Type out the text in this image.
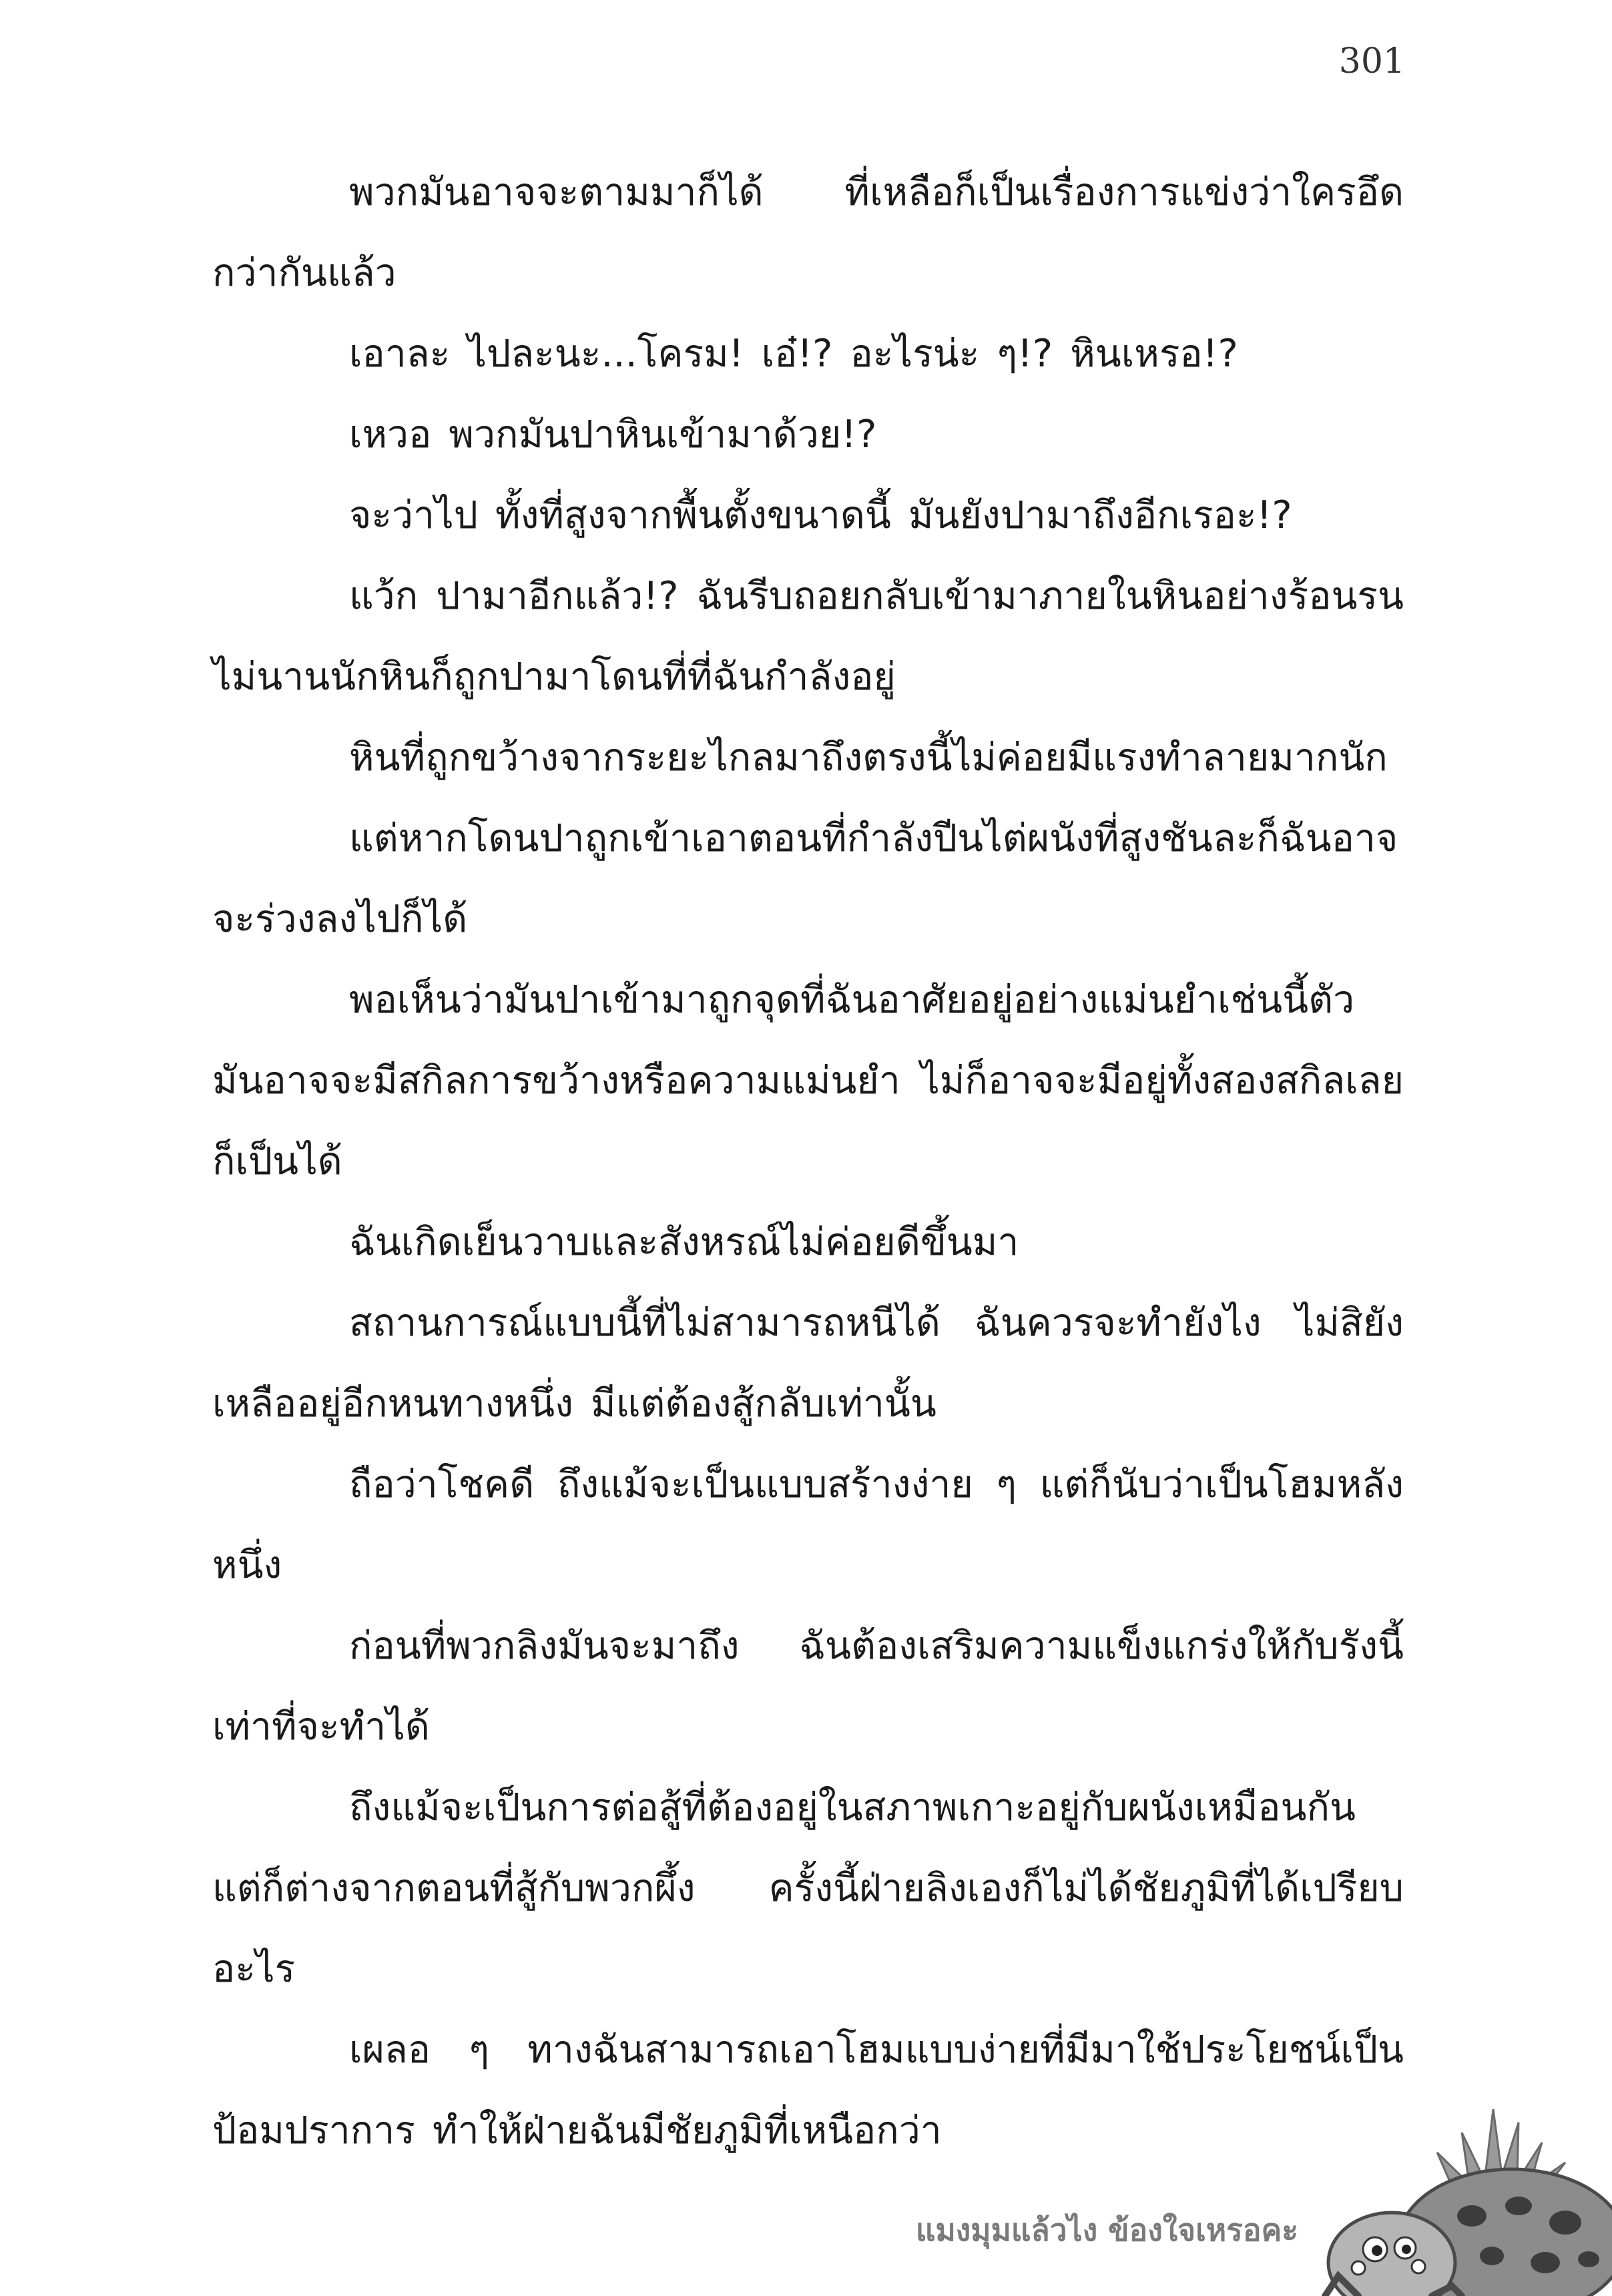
301

พวกมันอาจจะตามมาก็ได้ ที่เหลือก็เป็นเรื่องการแข่งว่าใครอึดกว่ากันแล้ว

เอาละ ไปละนะ...โครม! เอ๋!? อะไรน่ะ ๆ!? หินเหรอ!?

เหวอ พวกมันปาหินเข้ามาด้วย!?

จะว่าไป ทั้งที่สูงจากพื้นตั้งขนาดนี้ มันยังปามาถึงอีกเรอะ!?

แว้ก ปามาอีกแล้ว!? ฉันรีบถอยกลับเข้ามาภายในหินอย่างร้อนรน ไม่นานนักหินก็ถูกปามาโดนที่ที่ฉันกำลังอยู่

หินที่ถูกขว้างจากระยะไกลมาถึงตรงนี้ไม่ค่อยมีแรงทำลายมากนัก

แต่หากโดนปาถูกเข้าเอาตอนที่กำลังปีนไต่ผนังที่สูงชันละก็ฉันอาจจะร่วงลงไปก็ได้

พอเห็นว่ามันปาเข้ามาถูกจุดที่ฉันอาศัยอยู่อย่างแม่นยำเช่นนี้ตัวมันอาจจะมีสกิลการขว้างหรือความแม่นยำ ไม่ก็อาจจะมีอยู่ทั้งสองสกิลเลยก็เป็นได้

ฉันเกิดเย็นวาบและสังหรณ์ไม่ค่อยดีขึ้นมา

สถานการณ์แบบนี้ที่ไม่สามารถหนีได้ ฉันควรจะทำยังไง ไม่สิยังเหลืออยู่อีกหนทางหนึ่ง มีแต่ต้องสู้กลับเท่านั้น

ถือว่าโชคดี ถึงแม้จะเป็นแบบสร้างง่าย ๆ แต่ก็นับว่าเป็นโฮมหลังหนึ่ง

ก่อนที่พวกลิงมันจะมาถึง ฉันต้องเสริมความแข็งแกร่งให้กับรังนี้เท่าที่จะทำได้

ถึงแม้จะเป็นการต่อสู้ที่ต้องอยู่ในสภาพเกาะอยู่กับผนังเหมือนกัน แต่ก็ต่างจากตอนที่สู้กับพวกผึ้ง ครั้งนี้ฝ่ายลิงเองก็ไม่ได้ชัยภูมิที่ได้เปรียบอะไร

เผลอ ๆ ทางฉันสามารถเอาโฮมแบบง่ายที่มีมาใช้ประโยชน์เป็นป้อมปราการ ทำให้ฝ่ายฉันมีชัยภูมิที่เหนือกว่า

แมงมุมแล้วไง ข้องใจเหรอคะ
